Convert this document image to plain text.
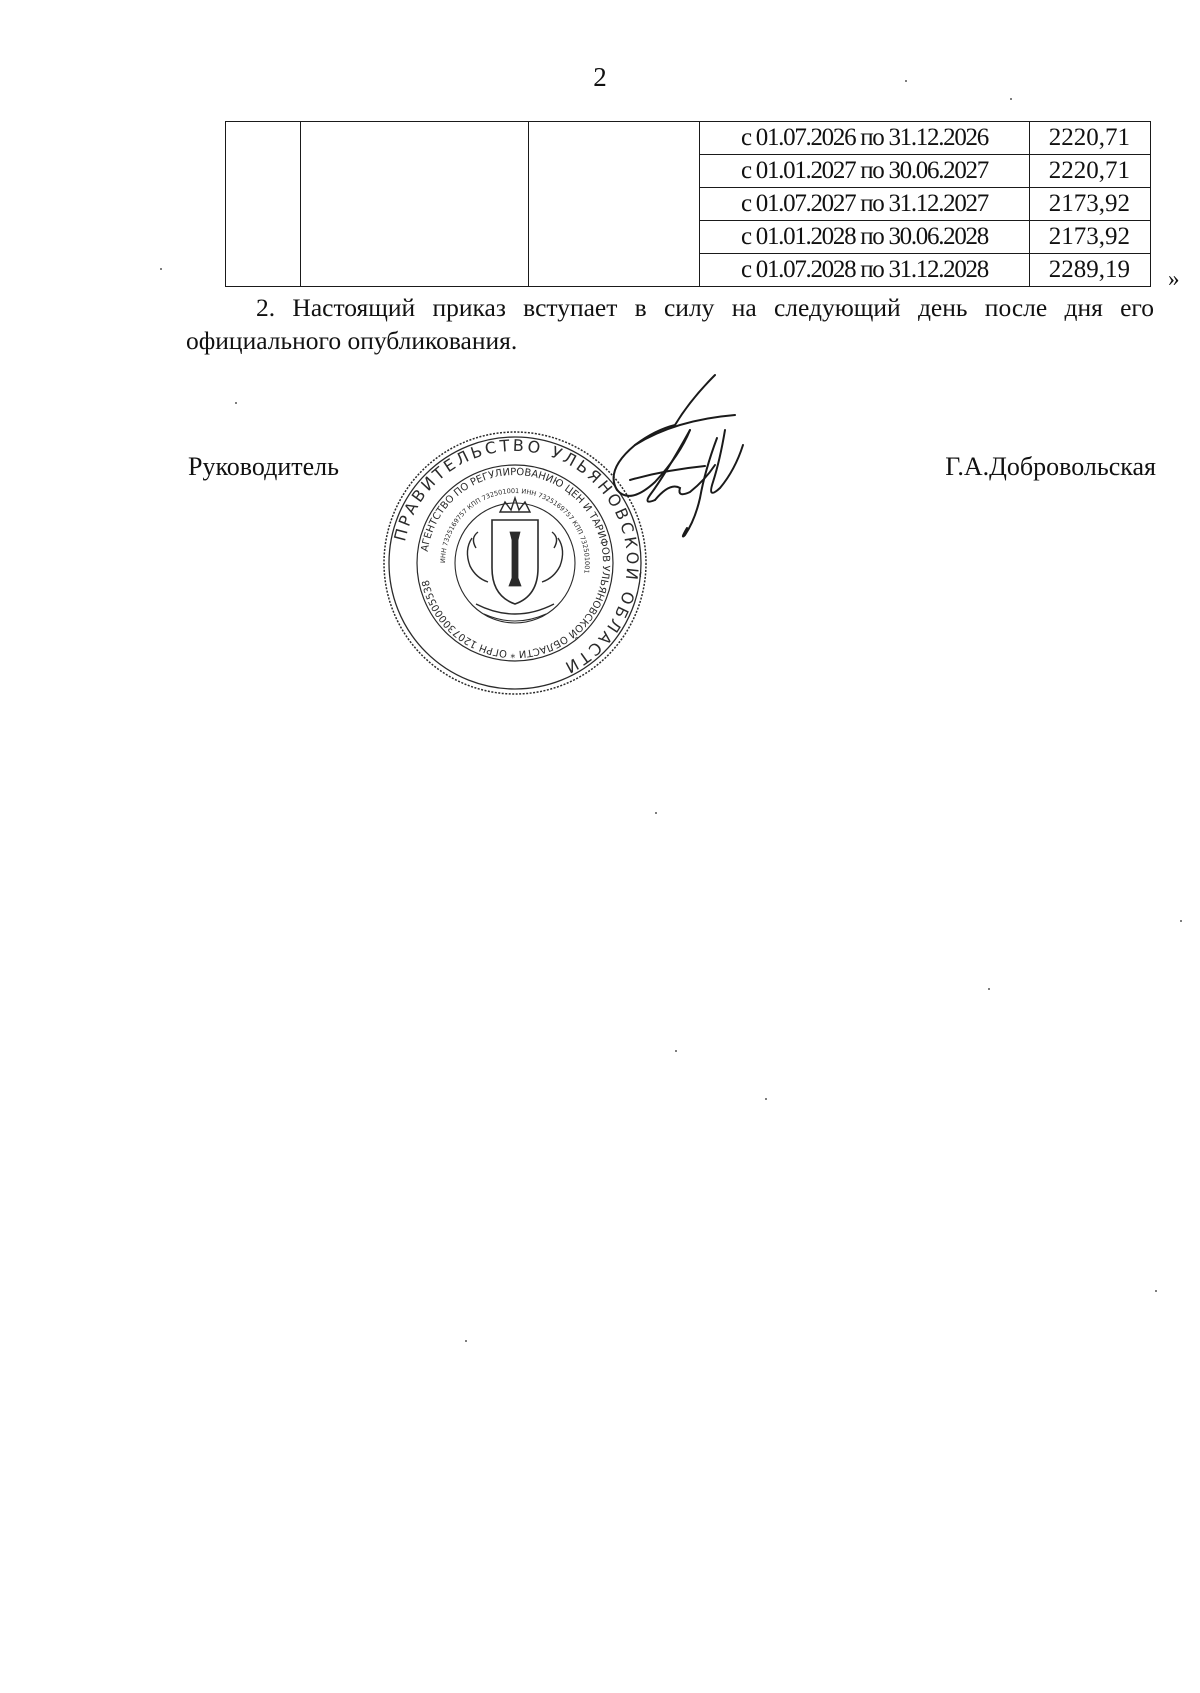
2
			с 01.07.2026 по 31.12.2026	2220,71
			с 01.01.2027 по 30.06.2027	2220,71
			с 01.07.2027 по 31.12.2027	2173,92
			с 01.01.2028 по 30.06.2028	2173,92
			с 01.07.2028 по 31.12.2028	2289,19 »

2. Настоящий приказ вступает в силу на следующий день после дня его официального опубликования.

Руководитель	Г.А.Добровольская
ПРАВИТЕЛЬСТВО УЛЬЯНОВСКОЙ ОБЛАСТИ
АГЕНТСТВО ПО РЕГУЛИРОВАНИЮ ЦЕН И ТАРИФОВ УЛЬЯНОВСКОЙ ОБЛАСТИ * ОГРН 1207300005538
ИНН 7325169757 КПП 732501001 ИНН 7325169757 КПП 732501001
